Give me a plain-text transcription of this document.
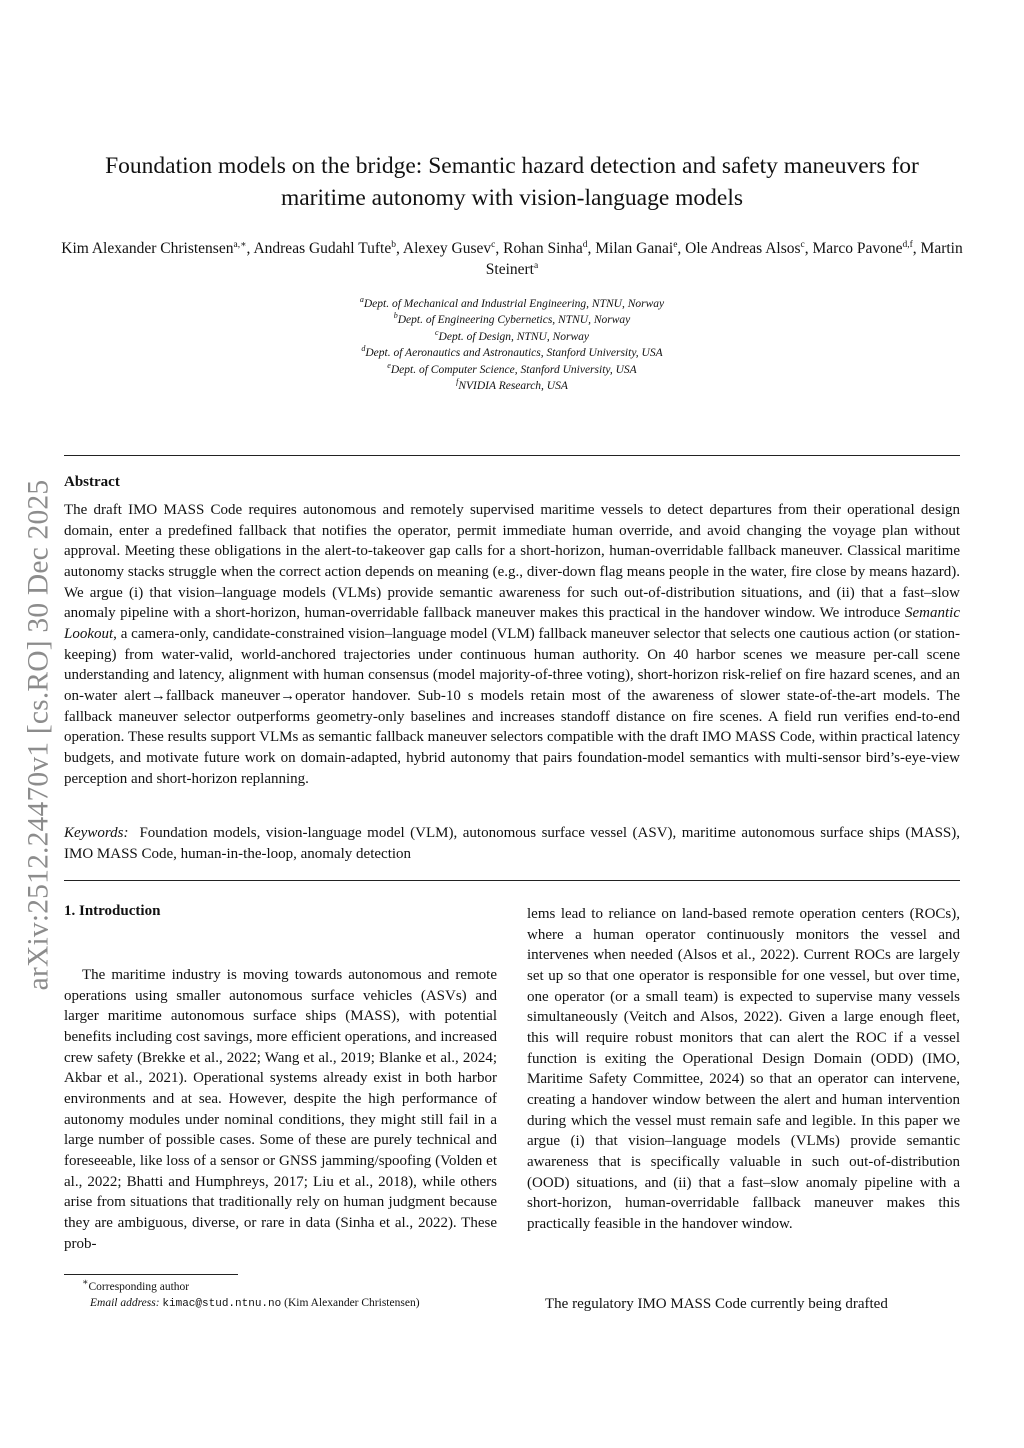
arXiv:2512.24470v1 [cs.RO] 30 Dec 2025
Foundation models on the bridge: Semantic hazard detection and safety maneuvers for
maritime autonomy with vision-language models
Kim Alexander Christensen$^{a,∗}$, Andreas Gudahl Tufte$^b$, Alexey Gusev$^c$, Rohan Sinha$^d$, Milan Ganai$^e$, Ole Andreas Alsos$^c$, Marco Pavone$^{d,f}$, Martin Steinert$^a$
$^a$Dept. of Mechanical and Industrial Engineering, NTNU, Norway
$^b$Dept. of Engineering Cybernetics, NTNU, Norway
$^c$Dept. of Design, NTNU, Norway
$^d$Dept. of Aeronautics and Astronautics, Stanford University, USA
$^e$Dept. of Computer Science, Stanford University, USA
$^f$NVIDIA Research, USA
Abstract
The draft IMO MASS Code requires autonomous and remotely supervised maritime vessels to detect departures from their operational design domain, enter a predefined fallback that notifies the operator, permit immediate human override, and avoid changing the voyage plan without approval. Meeting these obligations in the alert-to-takeover gap calls for a short-horizon, human-overridable fallback maneuver. Classical maritime autonomy stacks struggle when the correct action depends on meaning (e.g., diver-down flag means people in the water, fire close by means hazard). We argue (i) that vision–language models (VLMs) provide semantic awareness for such out-of-distribution situations, and (ii) that a fast–slow anomaly pipeline with a short-horizon, human-overridable fallback maneuver makes this practical in the handover window. We introduce Semantic Lookout, a camera-only, candidate-constrained vision–language model (VLM) fallback maneuver selector that selects one cautious action (or station-keeping) from water-valid, world-anchored trajectories under continuous human authority. On 40 harbor scenes we measure per-call scene understanding and latency, alignment with human consensus (model majority-of-three voting), short-horizon risk-relief on fire hazard scenes, and an on-water alert→fallback maneuver→operator handover. Sub-10 s models retain most of the awareness of slower state-of-the-art models. The fallback maneuver selector outperforms geometry-only baselines and increases standoff distance on fire scenes. A field run verifies end-to-end operation. These results support VLMs as semantic fallback maneuver selectors compatible with the draft IMO MASS Code, within practical latency budgets, and motivate future work on domain-adapted, hybrid autonomy that pairs foundation-model semantics with multi-sensor bird’s-eye-view perception and short-horizon replanning.
Keywords: Foundation models, vision-language model (VLM), autonomous surface vessel (ASV), maritime autonomous surface ships (MASS), IMO MASS Code, human-in-the-loop, anomaly detection
1. Introduction
The maritime industry is moving towards autonomous and remote operations using smaller autonomous surface vehicles (ASVs) and larger maritime autonomous surface ships (MASS), with potential benefits including cost savings, more efficient operations, and increased crew safety (Brekke et al., 2022; Wang et al., 2019; Blanke et al., 2024; Akbar et al., 2021). Operational systems already exist in both harbor environments and at sea. However, despite the high performance of autonomy modules under nominal conditions, they might still fail in a large number of possible cases. Some of these are purely technical and foreseeable, like loss of a sensor or GNSS jamming/spoofing (Volden et al., 2022; Bhatti and Humphreys, 2017; Liu et al., 2018), while others arise from situations that traditionally rely on human judgment because they are ambiguous, diverse, or rare in data (Sinha et al., 2022). These prob-
lems lead to reliance on land-based remote operation centers (ROCs), where a human operator continuously monitors the vessel and intervenes when needed (Alsos et al., 2022). Current ROCs are largely set up so that one operator is responsible for one vessel, but over time, one operator (or a small team) is expected to supervise many vessels simultaneously (Veitch and Alsos, 2022). Given a large enough fleet, this will require robust monitors that can alert the ROC if a vessel function is exiting the Operational Design Domain (ODD) (IMO, Maritime Safety Committee, 2024) so that an operator can intervene, creating a handover window between the alert and human intervention during which the vessel must remain safe and legible. In this paper we argue (i) that vision–language models (VLMs) provide semantic awareness that is specifically valuable in such out-of-distribution (OOD) situations, and (ii) that a fast–slow anomaly pipeline with a short-horizon, human-overridable fallback maneuver makes this practically feasible in the handover window.
The regulatory IMO MASS Code currently being drafted
∗Corresponding author
Email address: kimac@stud.ntnu.no (Kim Alexander Christensen)
